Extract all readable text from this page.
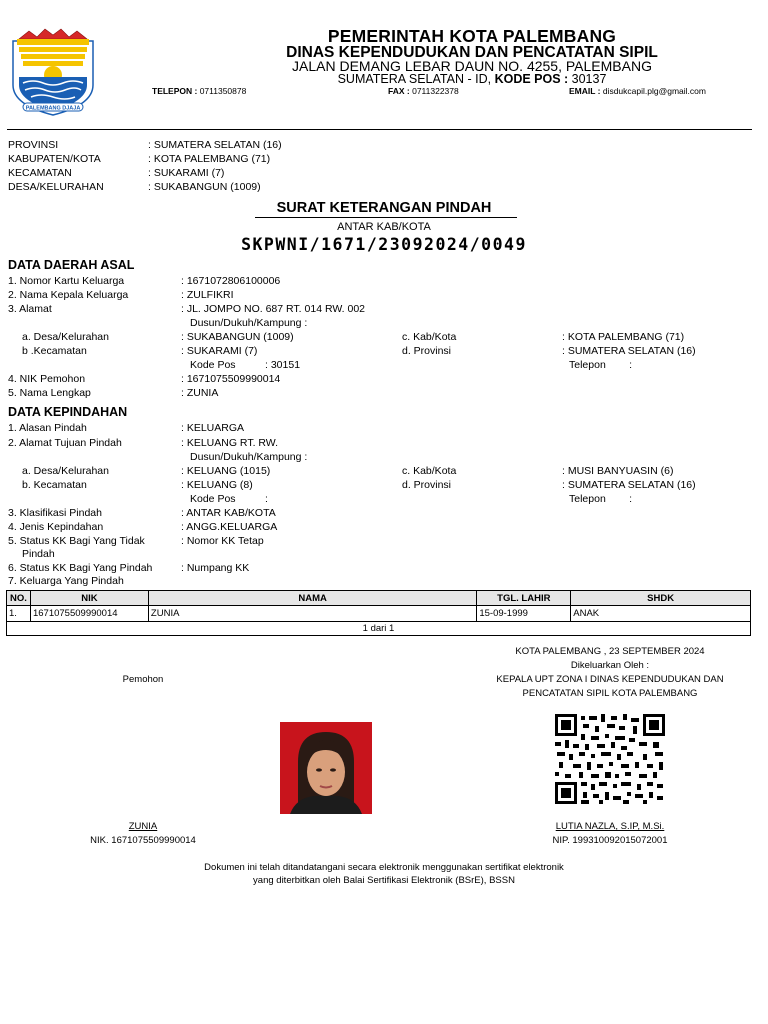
PALEMBANG DJAJA
PEMERINTAH KOTA PALEMBANG
DINAS KEPENDUDUKAN DAN PENCATATAN SIPIL
JALAN DEMANG LEBAR DAUN NO. 4255, PALEMBANG
SUMATERA SELATAN - ID, KODE POS : 30137
TELEPON : 0711350878	FAX : 0711322378	EMAIL : disdukcapil.plg@gmail.com
PROVINSI	: SUMATERA SELATAN (16)
KABUPATEN/KOTA	: KOTA PALEMBANG (71)
KECAMATAN	: SUKARAMI (7)
DESA/KELURAHAN	: SUKABANGUN (1009)
SURAT KETERANGAN PINDAH
ANTAR KAB/KOTA
SKPWNI/1671/23092024/0049
DATA DAERAH ASAL
1. Nomor Kartu Keluarga	: 1671072806100006
2. Nama Kepala Keluarga	: ZULFIKRI
3. Alamat	: JL. JOMPO NO. 687 RT. 014 RW. 002
Dusun/Dukuh/Kampung :
a. Desa/Kelurahan	: SUKABANGUN (1009)	c. Kab/Kota	: KOTA PALEMBANG (71)
b .Kecamatan	: SUKARAMI (7)	d. Provinsi	: SUMATERA SELATAN (16)
Kode Pos	: 30151	Telepon        :
4. NIK Pemohon	: 1671075509990014
5. Nama Lengkap	: ZUNIA
DATA KEPINDAHAN
1. Alasan Pindah	: KELUARGA
2. Alamat Tujuan Pindah	: KELUANG RT. RW.
Dusun/Dukuh/Kampung :
a. Desa/Kelurahan	: KELUANG (1015)	c. Kab/Kota	: MUSI BANYUASIN (6)
b. Kecamatan	: KELUANG (8)	d. Provinsi	: SUMATERA SELATAN (16)
Kode Pos	:	Telepon        :
3. Klasifikasi Pindah	: ANTAR KAB/KOTA
4. Jenis Kepindahan	: ANGG.KELUARGA
5. Status KK Bagi Yang Tidak
Pindah
: Nomor KK Tetap
6. Status KK Bagi Yang Pindah	: Numpang KK
7. Keluarga Yang Pindah
NO.	NIK	NAMA	TGL. LAHIR	SHDK
1.	1671075509990014	ZUNIA	15-09-1999	ANAK
1 dari 1
KOTA PALEMBANG , 23 SEPTEMBER 2024
Dikeluarkan Oleh :
KEPALA UPT ZONA I DINAS KEPENDUDUKAN DAN
PENCATATAN SIPIL KOTA PALEMBANG
Pemohon
ZUNIA
NIK. 1671075509990014
LUTIA NAZLA, S.IP, M.Si.
NIP. 199310092015072001
Dokumen ini telah ditandatangani secara elektronik menggunakan sertifikat elektronik
yang diterbitkan oleh Balai Sertifikasi Elektronik (BSrE), BSSN
